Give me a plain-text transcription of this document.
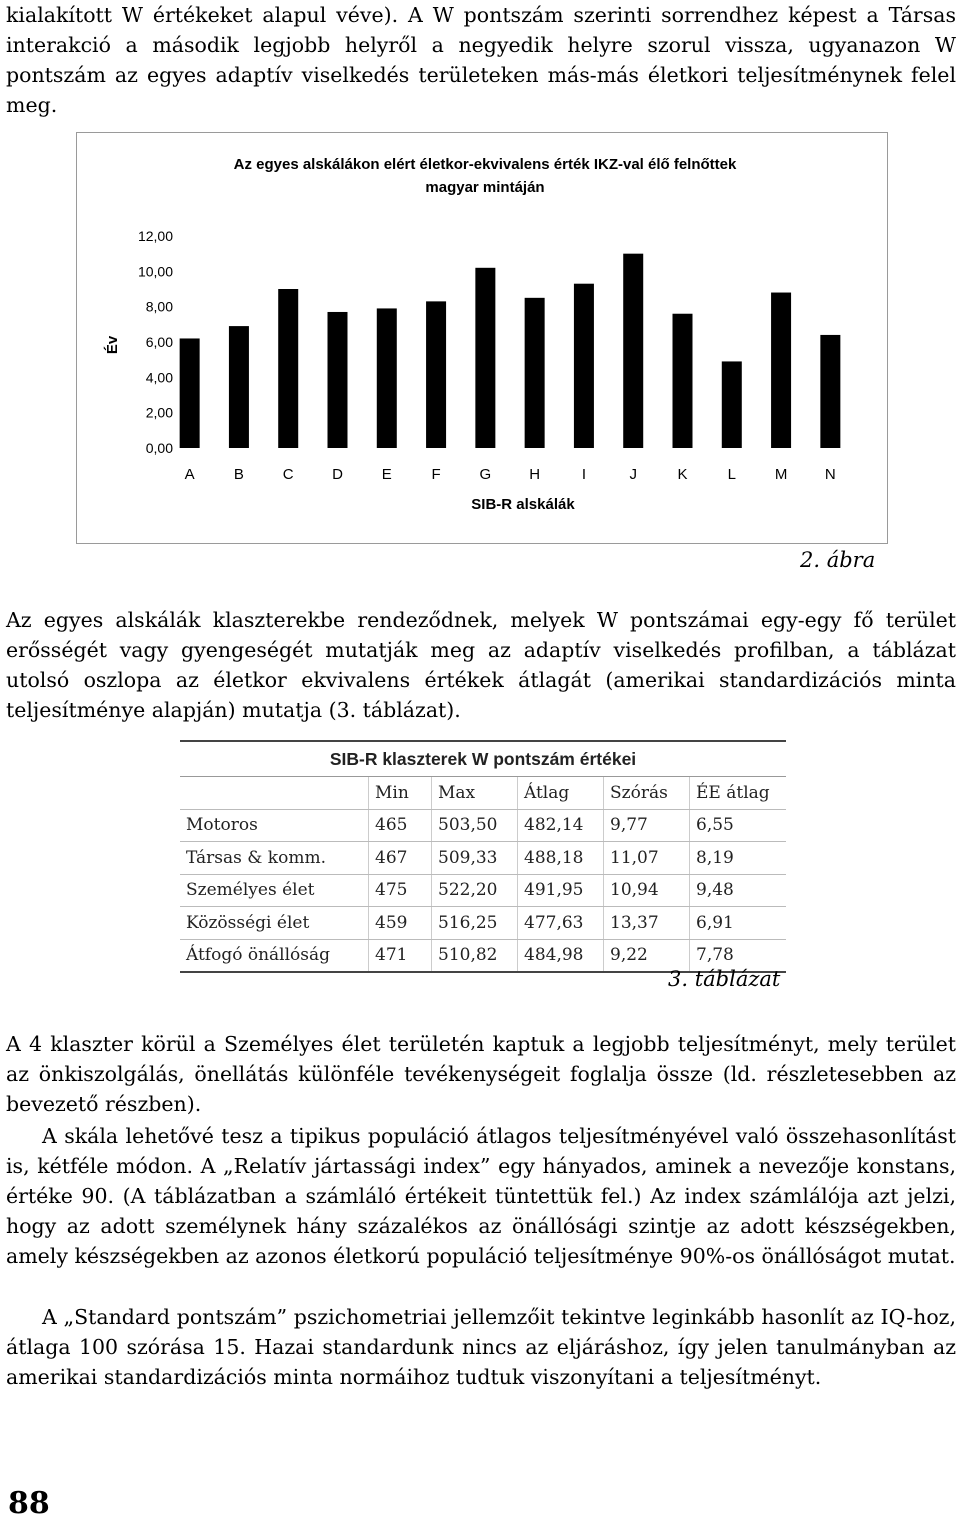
kialakított W értékeket alapul véve). A W pontszám szerinti sorrendhez képest a Társas interakció a második legjobb helyről a negyedik helyre szorul vissza, ugyanazon W pontszám az egyes adaptív viselkedés területeken más-más életkori teljesítménynek felel meg.

Az egyes alskálákon elért életkor-ekvivalens érték IKZ-val élő felnőttek
magyar mintáján
Év
SIB-R alskálák
0,00
2,00
4,00
6,00
8,00
10,00
12,00
A	B	C	D	E	F	G	H	I	J	K	L	M	N
2. ábra

Az egyes alskálák klaszterekbe rendeződnek, melyek W pontszámai egy-egy fő terület erősségét vagy gyengeségét mutatják meg az adaptív viselkedés profilban, a táblázat utolsó oszlopa az életkor ekvivalens értékek átlagát (amerikai standardizációs minta teljesítménye alapján) mutatja (3. táblázat).

SIB-R klaszterek W pontszám értékei
	Min	Max	Átlag	Szórás	ÉE átlag
Motoros	465	503,50	482,14	9,77	6,55
Társas & komm.	467	509,33	488,18	11,07	8,19
Személyes élet	475	522,20	491,95	10,94	9,48
Közösségi élet	459	516,25	477,63	13,37	6,91
Átfogó önállóság	471	510,82	484,98	9,22	7,78
3. táblázat

A 4 klaszter körül a Személyes élet területén kaptuk a legjobb teljesítményt, mely terület az önkiszolgálás, önellátás különféle tevékenységeit foglalja össze (ld. részletesebben az bevezető részben).

A skála lehetővé tesz a tipikus populáció átlagos teljesítményével való összehasonlítást is, kétféle módon. A „Relatív jártassági index” egy hányados, aminek a nevezője konstans, értéke 90. (A táblázatban a számláló értékeit tüntettük fel.) Az index számlálója azt jelzi, hogy az adott személynek hány százalékos az önállósági szintje az adott készségekben, amely készségekben az azonos életkorú populáció teljesítménye 90%-os önállóságot mutat.

A „Standard pontszám” pszichometriai jellemzőit tekintve leginkább hasonlít az IQ-hoz, átlaga 100 szórása 15. Hazai standardunk nincs az eljáráshoz, így jelen tanulmányban az amerikai standardizációs minta normáihoz tudtuk viszonyítani a teljesítményt.

88
